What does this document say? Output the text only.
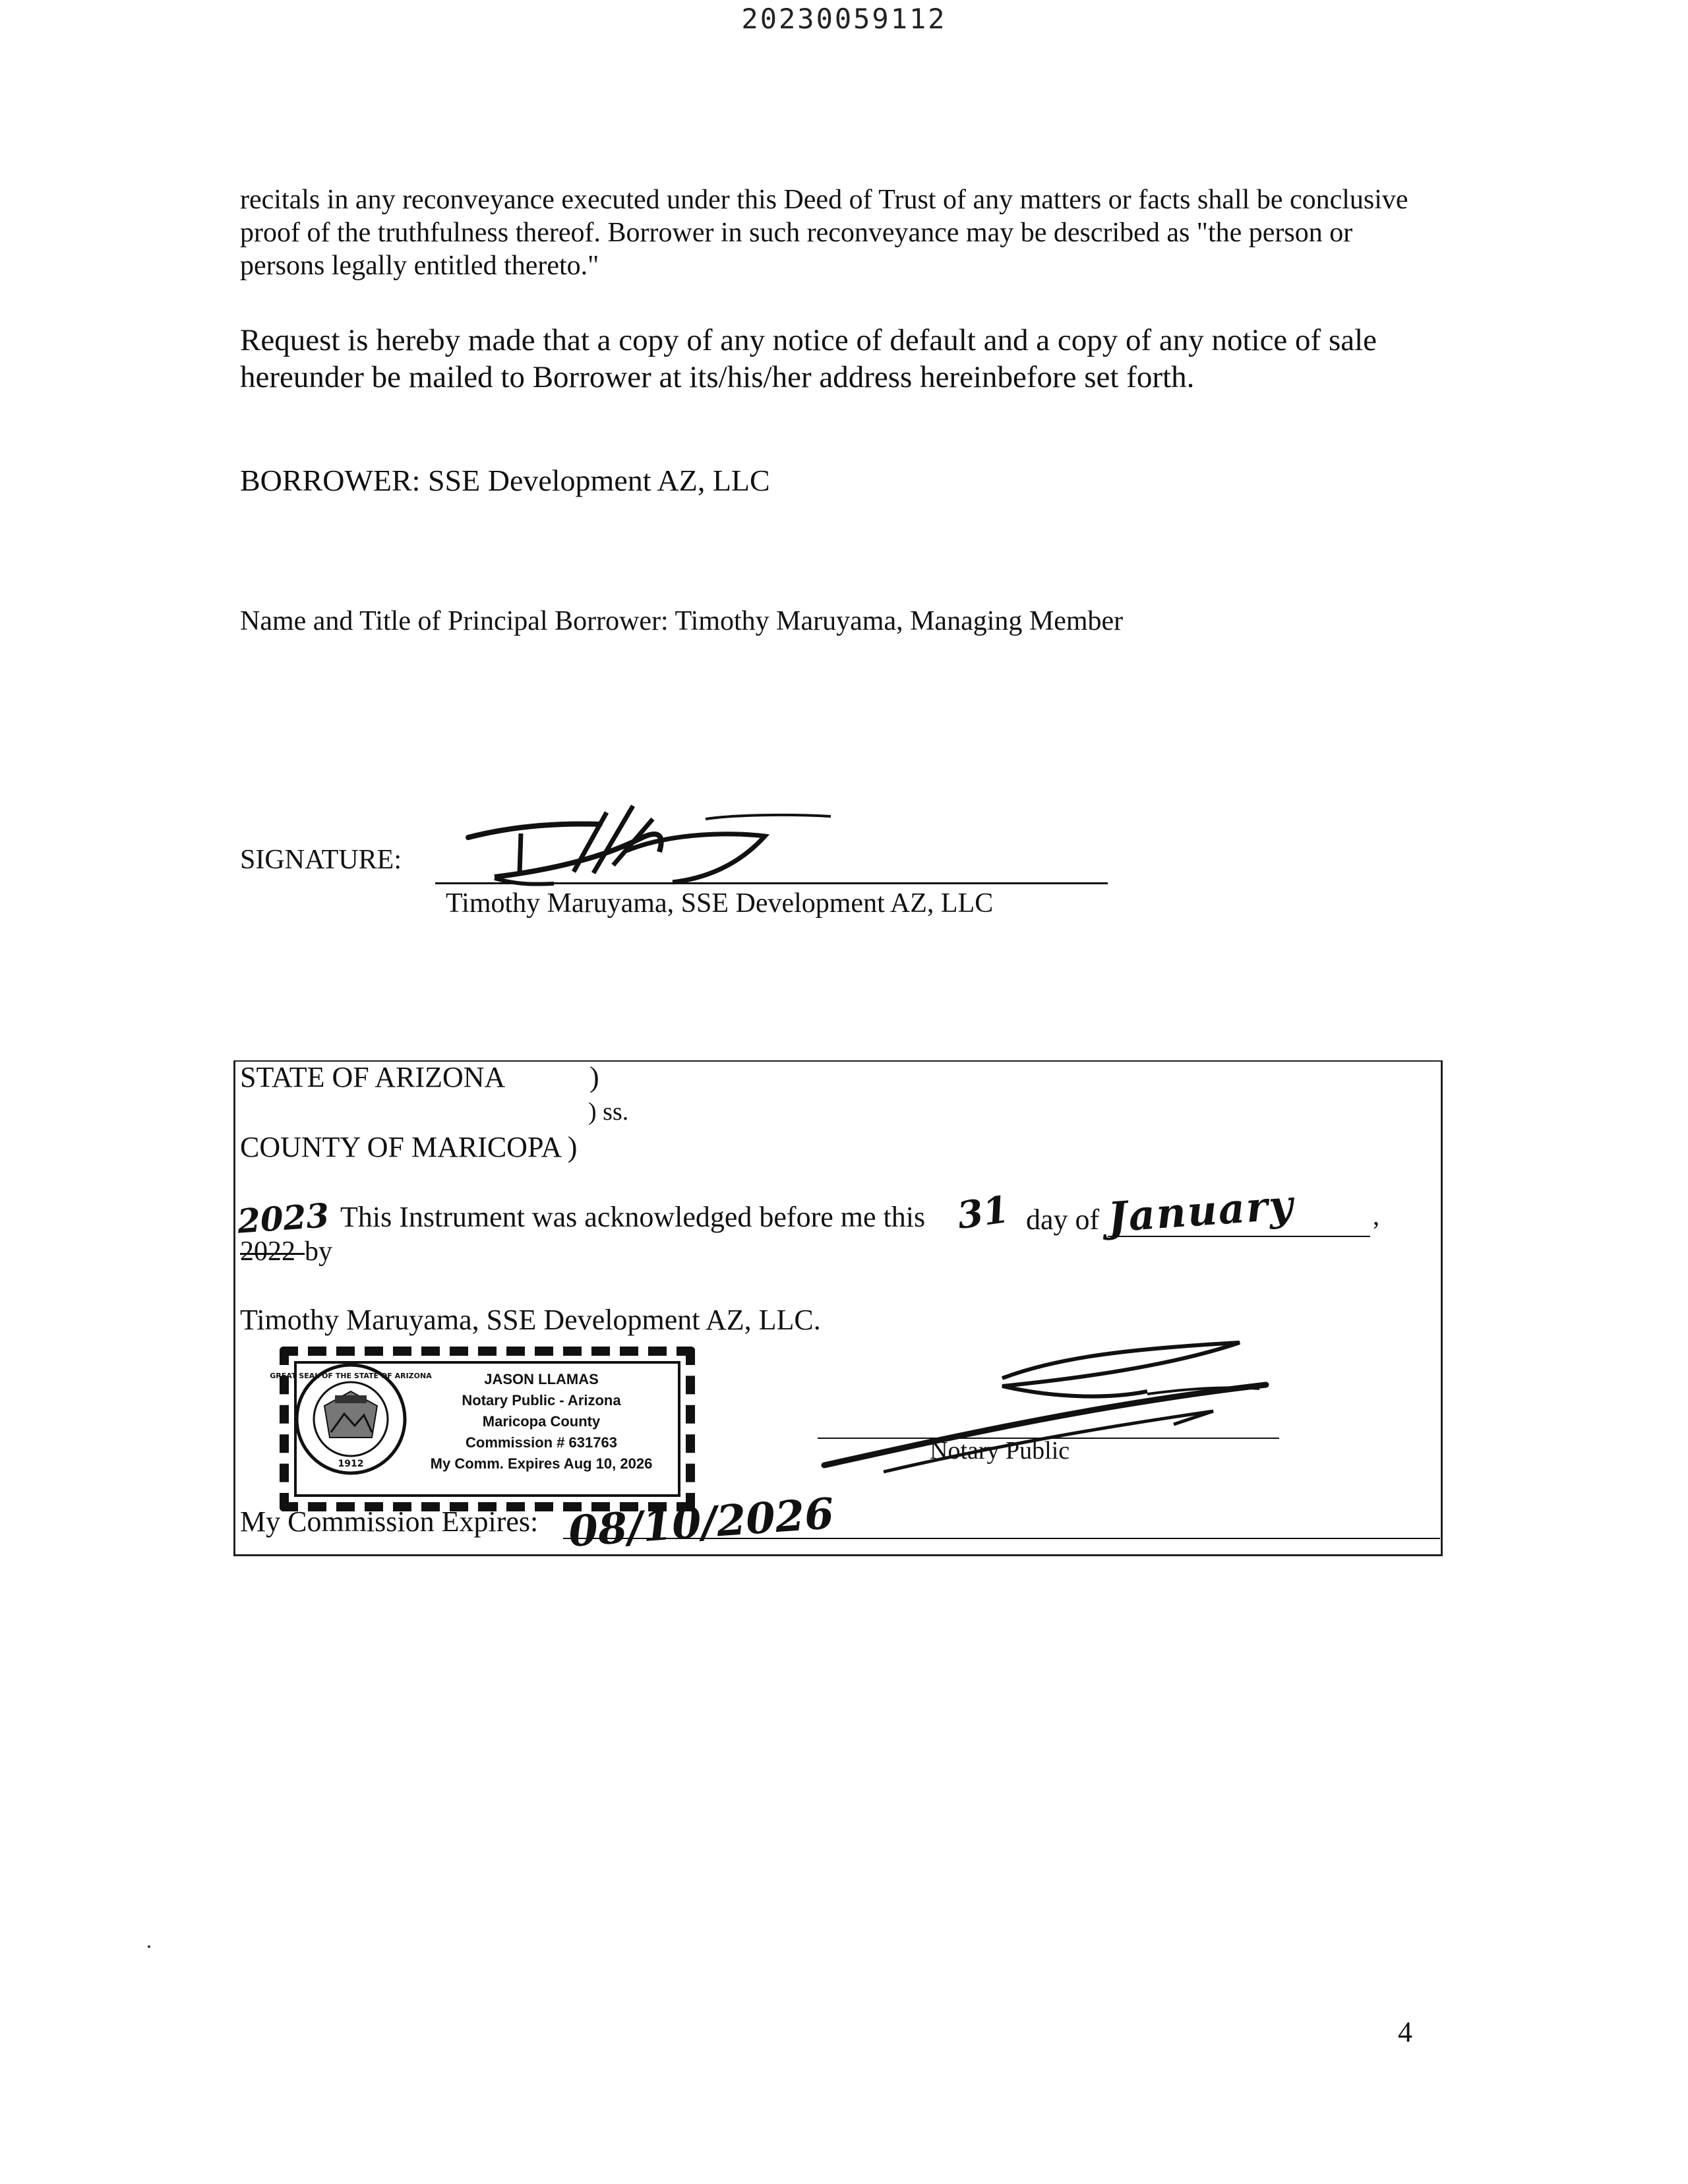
20230059112
recitals in any reconveyance executed under this Deed of Trust of any matters or facts shall be conclusive proof of the truthfulness thereof. Borrower in such reconveyance may be described as "the person or persons legally entitled thereto."
Request is hereby made that a copy of any notice of default and a copy of any notice of sale hereunder be mailed to Borrower at its/his/her address hereinbefore set forth.
BORROWER: SSE Development AZ, LLC
Name and Title of Principal Borrower: Timothy Maruyama, Managing Member
SIGNATURE:
Timothy Maruyama, SSE Development AZ, LLC
STATE OF ARIZONA	)
) ss.
COUNTY OF MARICOPA )
2023 This Instrument was acknowledged before me this 31 day of January	,
2022 by
Timothy Maruyama, SSE Development AZ, LLC.
GREAT SEAL OF THE STATE OF ARIZONA
1912
JASON LLAMAS
Notary Public - Arizona
Maricopa County
Commission # 631763
My Comm. Expires Aug 10, 2026	Notary Public
My Commission Expires: 08/10/2026
4
